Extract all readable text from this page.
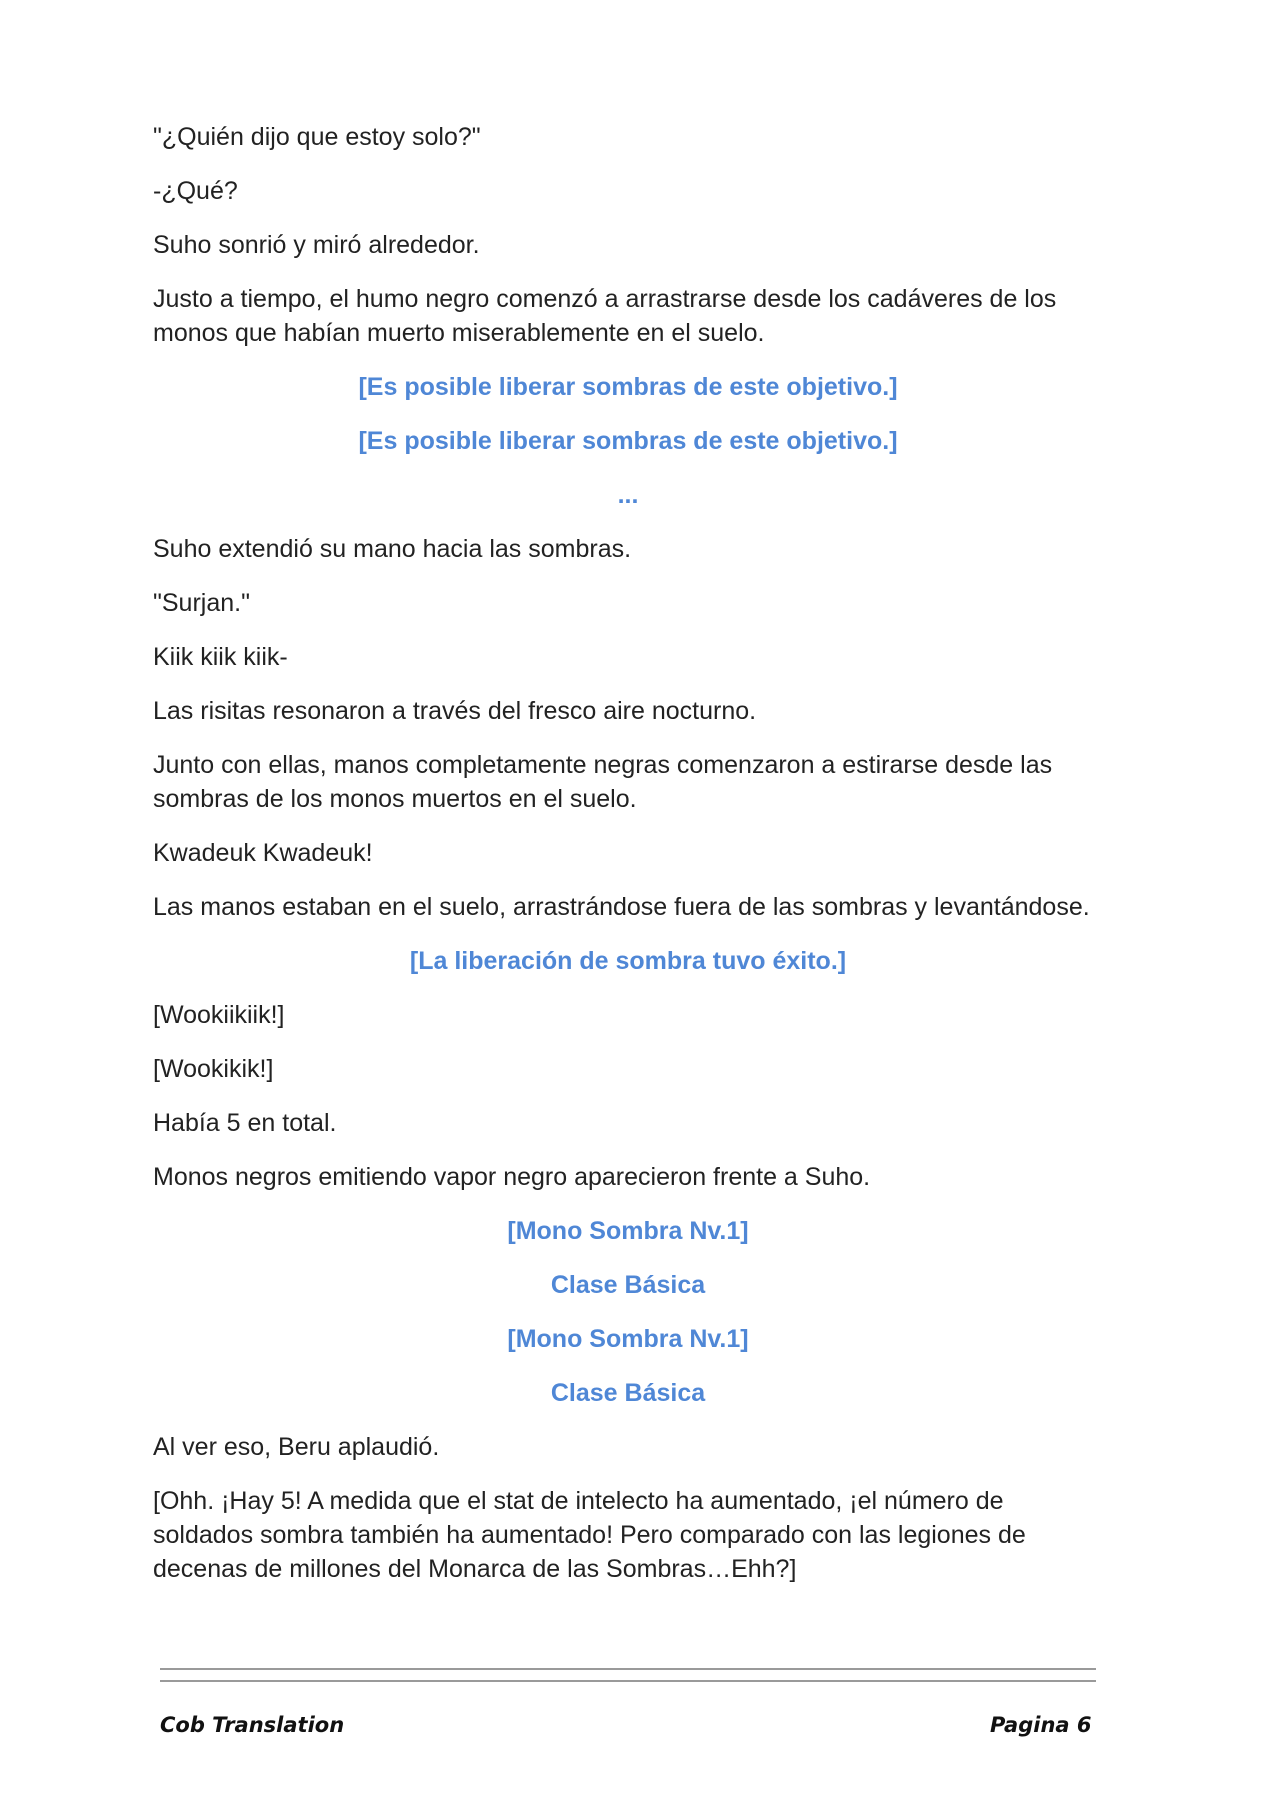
"¿Quién dijo que estoy solo?"

-¿Qué?

Suho sonrió y miró alrededor.

Justo a tiempo, el humo negro comenzó a arrastrarse desde los cadáveres de los monos que habían muerto miserablemente en el suelo.

[Es posible liberar sombras de este objetivo.]

[Es posible liberar sombras de este objetivo.]

...

Suho extendió su mano hacia las sombras.

"Surjan."

Kiik kiik kiik-

Las risitas resonaron a través del fresco aire nocturno.

Junto con ellas, manos completamente negras comenzaron a estirarse desde las sombras de los monos muertos en el suelo.

Kwadeuk Kwadeuk!

Las manos estaban en el suelo, arrastrándose fuera de las sombras y levantándose.

[La liberación de sombra tuvo éxito.]

[Wookiikiik!]

[Wookikik!]

Había 5 en total.

Monos negros emitiendo vapor negro aparecieron frente a Suho.

[Mono Sombra Nv.1]

Clase Básica

[Mono Sombra Nv.1]

Clase Básica

Al ver eso, Beru aplaudió.

[Ohh. ¡Hay 5! A medida que el stat de intelecto ha aumentado, ¡el número de soldados sombra también ha aumentado! Pero comparado con las legiones de decenas de millones del Monarca de las Sombras…Ehh?]

Cob Translation	Pagina 6
